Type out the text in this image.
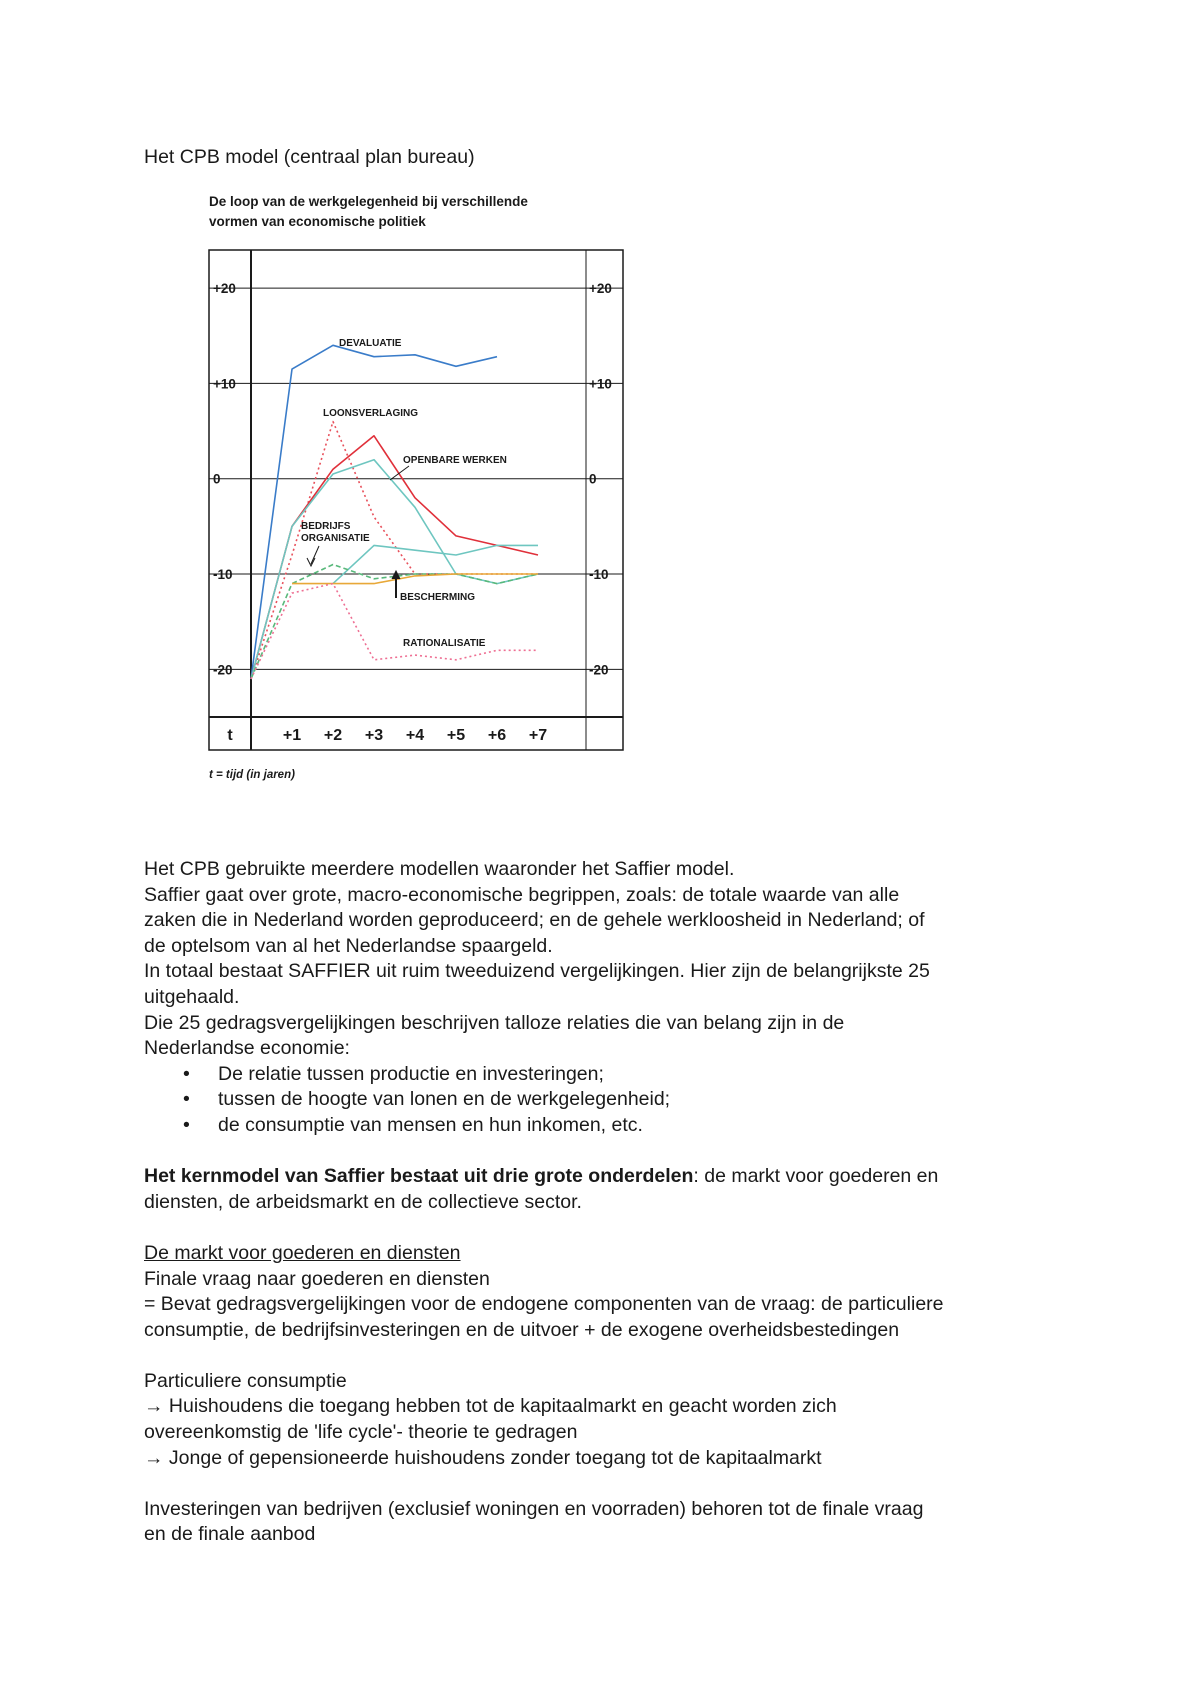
Het CPB model (centraal plan bureau)
De loop van de werkgelegenheid bij verschillende
vormen van economische politiek
+20
+10
0
-10
-20
+20
+10
0
-10
-20
t	+1 +2 +3 +4 +5 +6 +7
DEVALUATIE
LOONSVERLAGING
OPENBARE WERKEN
BEDRIJFS
ORGANISATIE
BESCHERMING
RATIONALISATIE
t = tijd (in jaren)

Het CPB gebruikte meerdere modellen waaronder het Saffier model.

Saffier gaat over grote, macro-economische begrippen, zoals: de totale waarde van alle

zaken die in Nederland worden geproduceerd; en de gehele werkloosheid in Nederland; of

de optelsom van al het Nederlandse spaargeld.

In totaal bestaat SAFFIER uit ruim tweeduizend vergelijkingen. Hier zijn de belangrijkste 25

uitgehaald.

Die 25 gedragsvergelijkingen beschrijven talloze relaties die van belang zijn in de

Nederlandse economie:

• De relatie tussen productie en investeringen;
• tussen de hoogte van lonen en de werkgelegenheid;
• de consumptie van mensen en hun inkomen, etc.

Het kernmodel van Saffier bestaat uit drie grote onderdelen: de markt voor goederen en

diensten, de arbeidsmarkt en de collectieve sector.

De markt voor goederen en diensten

Finale vraag naar goederen en diensten

= Bevat gedragsvergelijkingen voor de endogene componenten van de vraag: de particuliere

consumptie, de bedrijfsinvesteringen en de uitvoer + de exogene overheidsbestedingen

Particuliere consumptie

→ Huishoudens die toegang hebben tot de kapitaalmarkt en geacht worden zich

overeenkomstig de 'life cycle'- theorie te gedragen

→ Jonge of gepensioneerde huishoudens zonder toegang tot de kapitaalmarkt

Investeringen van bedrijven (exclusief woningen en voorraden) behoren tot de finale vraag

en de finale aanbod
